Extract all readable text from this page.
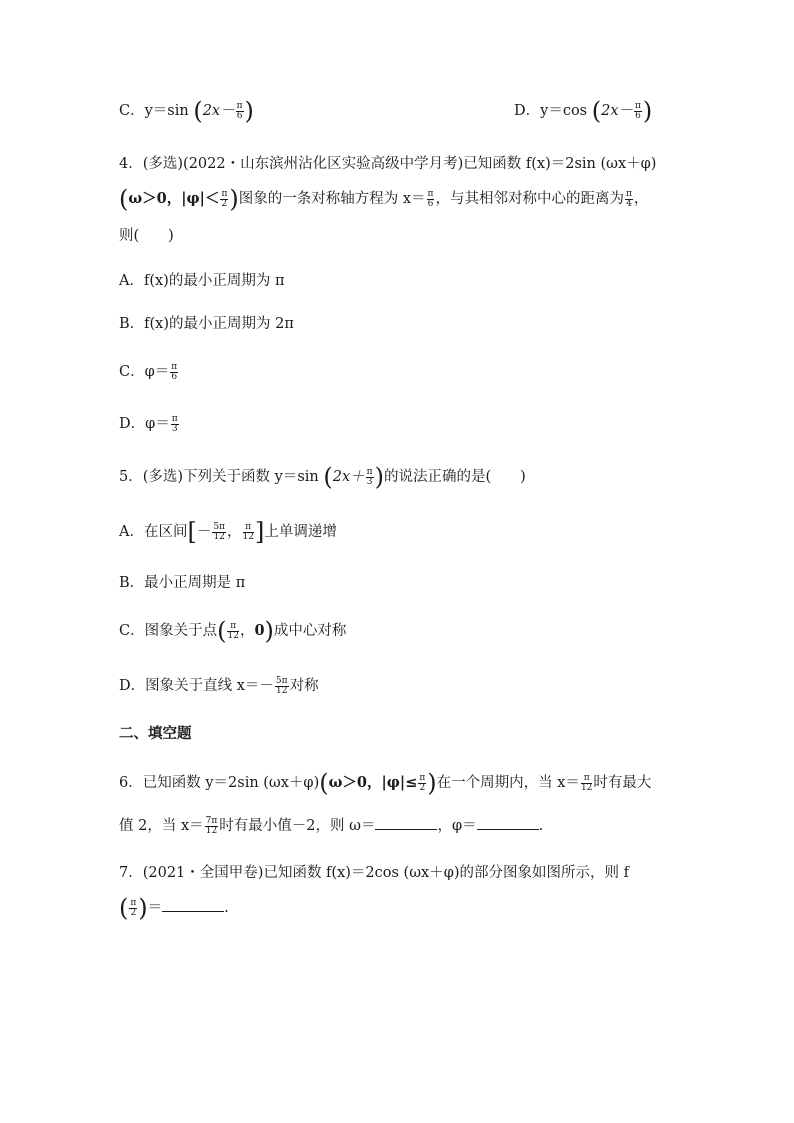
C．y＝sin ($2x- \frac{\pi}{6}$ )	D．y＝cos ($2x- \frac{\pi}{6}$ )
4．(多选)(2022・山东滨州沾化区实验高级中学月考)已知函数 f(x)＝2sin (ωx＋φ)
(ω＞0，$|\varphi|< \frac{\pi}{2}$ )图象的一条对称轴方程为 $x= \frac{\pi}{6}$ ，与其相邻对称中心的距离为 $\frac{\pi}{4}$ ，
则(　　)
A．f(x)的最小正周期为 π
B．f(x)的最小正周期为 2π
C．$\varphi= \frac{\pi}{6}$
D．$\varphi= \frac{\pi}{3}$
5．(多选)下列关于函数 y＝sin ($2x+ \frac{\pi}{3}$ )的说法正确的是(　　)
A．在区间[－ $\frac{5\pi}{12}$ ， $\frac{\pi}{12}$ ]上单调递增
B．最小正周期是 π
C．图象关于点( $\frac{\pi}{12}$ ，0)成中心对称
D．图象关于直线 $x=- \frac{5\pi}{12}$ 对称
二、填空题
6．已知函数 y＝2sin (ωx＋φ)(ω＞0，$|\varphi|\le \frac{\pi}{2}$ )在一个周期内，当 $x= \frac{\pi}{12}$ 时有最大
值 2，当 $x= \frac{7\pi}{12}$ 时有最小值－2，则 ω＝	，φ＝	.
7．(2021・全国甲卷)已知函数 f(x)＝2cos (ωx＋φ)的部分图象如图所示，则 f
( $\frac{\pi}{2}$ )＝	.
